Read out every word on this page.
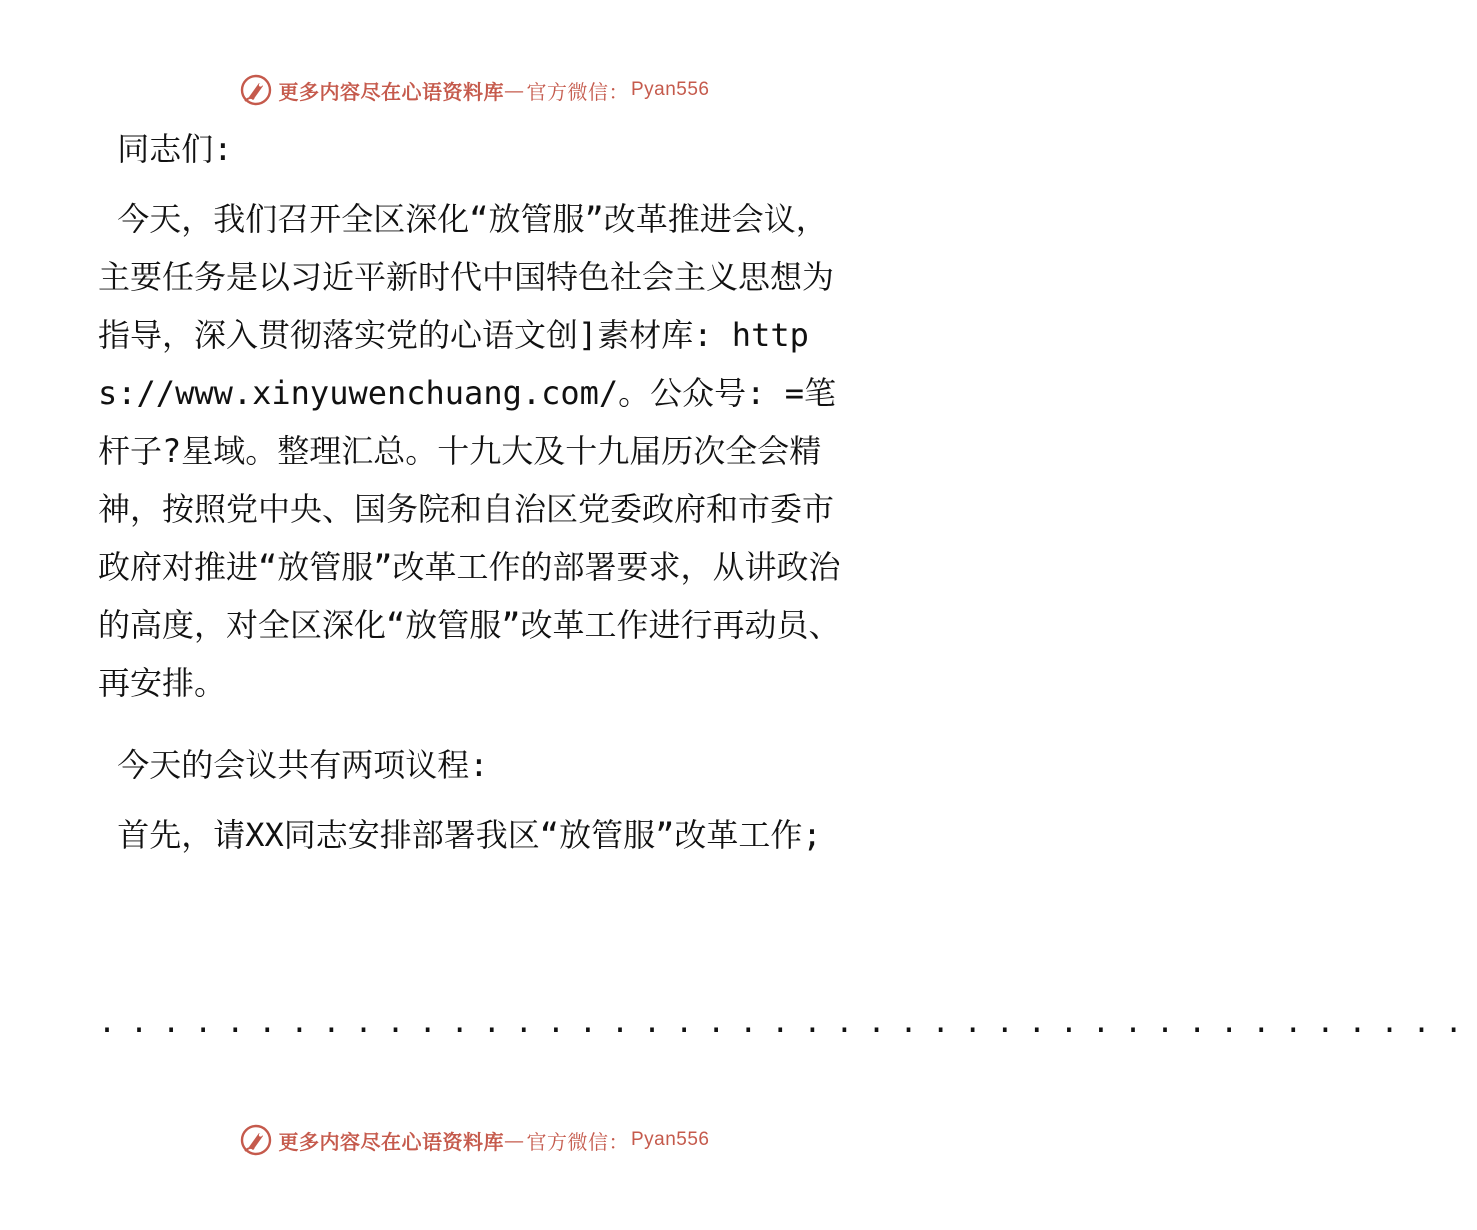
更多内容尽在心语资料库 — 官方微信： Pyan556

同志们:

今天，我们召开全区深化“放管服”改革推进会议，主要任务是以习近平新时代中国特色社会主义思想为指导，深入贯彻落实党的心语文创]素材库: https://www.xinyuwenchuang.com/。公众号: =笔杆子?星域。整理汇总。十九大及十九届历次全会精神，按照党中央、国务院和自治区党委政府和市委市政府对推进“放管服”改革工作的部署要求，从讲政治的高度，对全区深化“放管服”改革工作进行再动员、再安排。

今天的会议共有两项议程:

首先，请XX同志安排部署我区“放管服”改革工作;

...........................................

更多内容尽在心语资料库 — 官方微信： Pyan556
